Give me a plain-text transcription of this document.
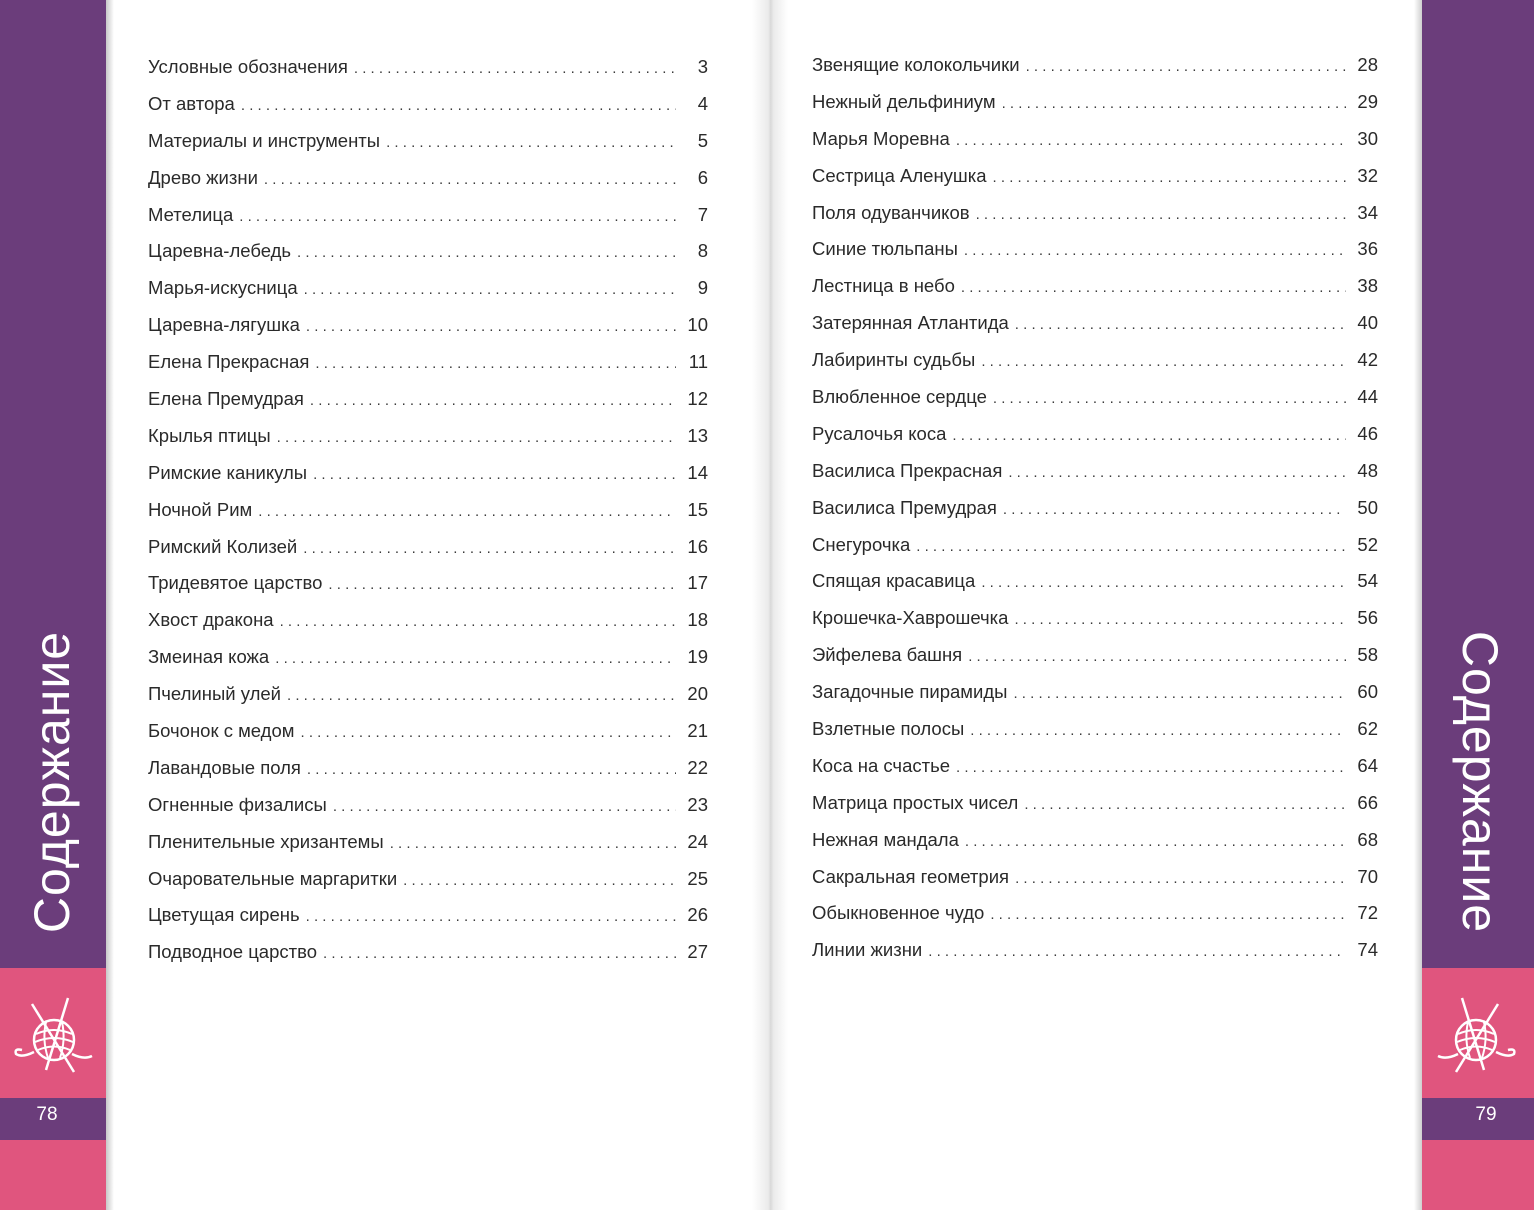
Содержание
78
Условные обозначения . . .	3
От автора . . .	4
Материалы и инструменты . . .	5
Древо жизни . . .	6
Метелица . . .	7
Царевна-лебедь . . .	8
Марья-искусница . . .	9
Царевна-лягушка . . .	10
Елена Прекрасная . . .	11
Елена Премудрая . . .	12
Крылья птицы . . .	13
Римские каникулы . . .	14
Ночной Рим . . .	15
Римский Колизей . . .	16
Тридевятое царство . . .	17
Хвост дракона . . .	18
Змеиная кожа . . .	19
Пчелиный улей . . .	20
Бочонок с медом . . .	21
Лавандовые поля . . .	22
Огненные физалисы . . .	23
Пленительные хризантемы . . .	24
Очаровательные маргаритки . . .	25
Цветущая сирень . . .	26
Подводное царство . . .	27
Звенящие колокольчики . . .	28
Нежный дельфиниум . . .	29
Марья Моревна . . .	30
Сестрица Аленушка . . .	32
Поля одуванчиков . . .	34
Синие тюльпаны . . .	36
Лестница в небо . . .	38
Затерянная Атлантида . . .	40
Лабиринты судьбы . . .	42
Влюбленное сердце . . .	44
Русалочья коса . . .	46
Василиса Прекрасная . . .	48
Василиса Премудрая . . .	50
Снегурочка . . .	52
Спящая красавица . . .	54
Крошечка-Хаврошечка . . .	56
Эйфелева башня . . .	58
Загадочные пирамиды . . .	60
Взлетные полосы . . .	62
Коса на счастье . . .	64
Матрица простых чисел . . .	66
Нежная мандала . . .	68
Сакральная геометрия . . .	70
Обыкновенное чудо . . .	72
Линии жизни . . .	74
Содержание
79
